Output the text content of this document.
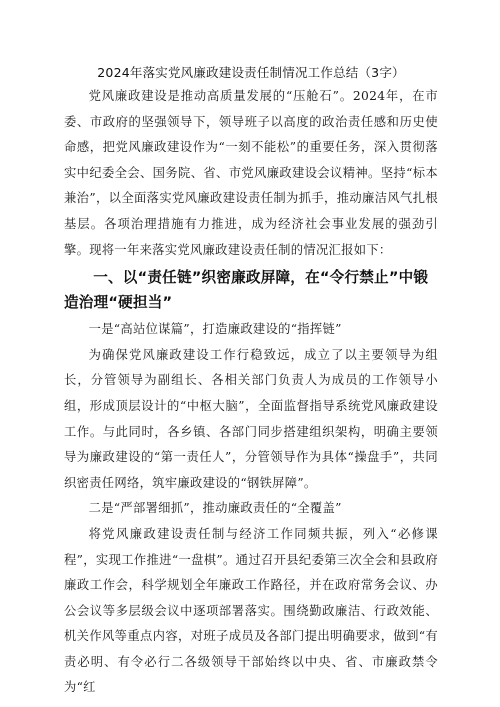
2024年落实党风廉政建设责任制情况工作总结（3字）

党风廉政建设是推动高质量发展的“压舱石”。2024年，在市委、市政府的坚强领导下，领导班子以高度的政治责任感和历史使命感，把党风廉政建设作为“一刻不能松”的重要任务，深入贯彻落实中纪委全会、国务院、省、市党风廉政建设会议精神。坚持“标本兼治”，以全面落实党风廉政建设责任制为抓手，推动廉洁风气扎根基层。各项治理措施有力推进，成为经济社会事业发展的强劲引擎。现将一年来落实党风廉政建设责任制的情况汇报如下：

一、以“责任链”织密廉政屏障，在“令行禁止”中锻造治理“硬担当”

一是“高站位谋篇”，打造廉政建设的“指挥链”

为确保党风廉政建设工作行稳致远，成立了以主要领导为组长，分管领导为副组长、各相关部门负责人为成员的工作领导小组，形成顶层设计的“中枢大脑”，全面监督指导系统党风廉政建设工作。与此同时，各乡镇、各部门同步搭建组织架构，明确主要领导为廉政建设的“第一责任人”，分管领导作为具体“操盘手”，共同织密责任网络，筑牢廉政建设的“钢铁屏障”。

二是“严部署细抓”，推动廉政责任的“全覆盖”

将党风廉政建设责任制与经济工作同频共振，列入“必修课程”，实现工作推进“一盘棋”。通过召开县纪委第三次全会和县政府廉政工作会，科学规划全年廉政工作路径，并在政府常务会议、办公会议等多层级会议中逐项部署落实。围绕勤政廉洁、行政效能、机关作风等重点内容，对班子成员及各部门提出明确要求，做到“有责必明、有令必行二各级领导干部始终以中央、省、市廉政禁令为“红
